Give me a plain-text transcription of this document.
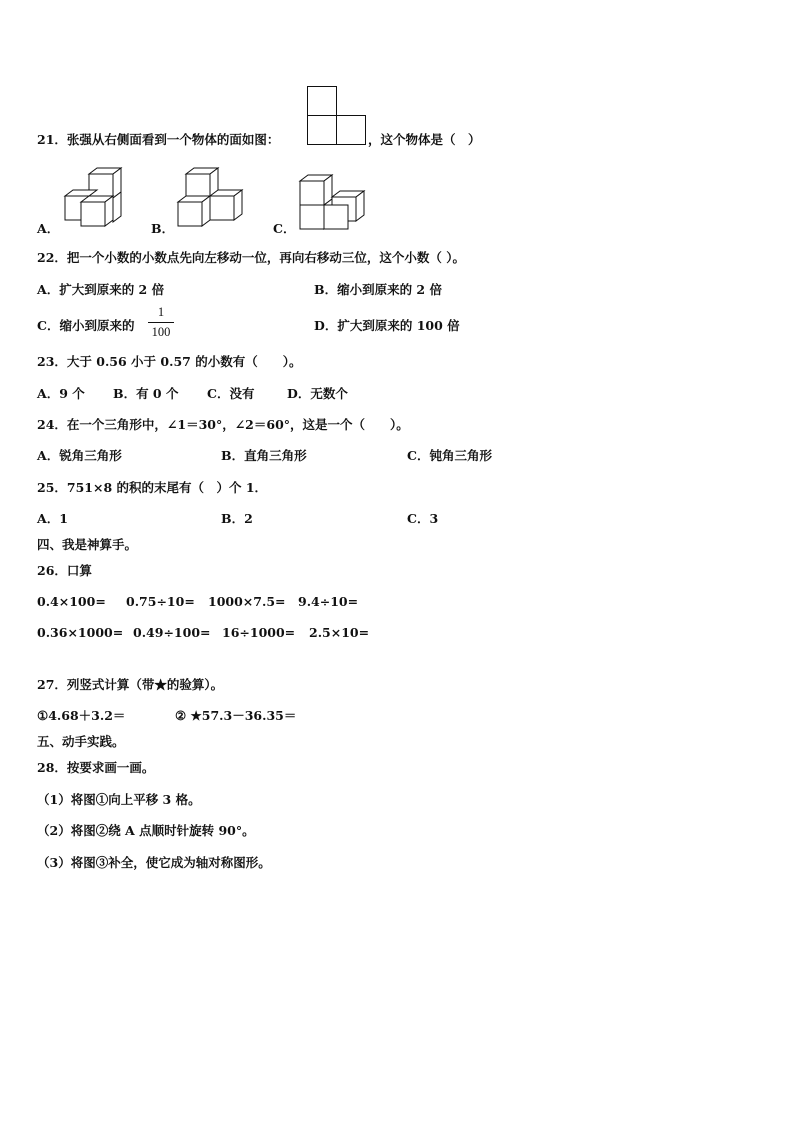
21．张强从右侧面看到一个物体的面如图：	，这个物体是（　）
A．	B．	C．
22．把一个小数的小数点先向左移动一位，再向右移动三位，这个小数（ ）。
A．扩大到原来的 2 倍	B．缩小到原来的 2 倍
C．缩小到原来的
1
100	D．扩大到原来的 100 倍
23．大于 0.56 小于 0.57 的小数有（　　）。
A．9 个 B．有 0 个 C．没有	D．无数个
24．在一个三角形中，∠1＝30°，∠2＝60°，这是一个（　　）。
A．锐角三角形	B．直角三角形	C．钝角三角形
25．751×8 的积的末尾有（　）个 1．
A．1	B．2	C．3
四、我是神算手。
26．口算
0.4×100= 0.75÷10= 1000×7.5= 9.4÷10=
0.36×1000= 0.49÷100= 16÷1000= 2.5×10=
27．列竖式计算（带★的验算）。
①4.68＋3.2＝	② ★57.3－36.35＝
五、动手实践。
28．按要求画一画。
（1）将图①向上平移 3 格。
（2）将图②绕 A 点顺时针旋转 90°。
（3）将图③补全，使它成为轴对称图形。
